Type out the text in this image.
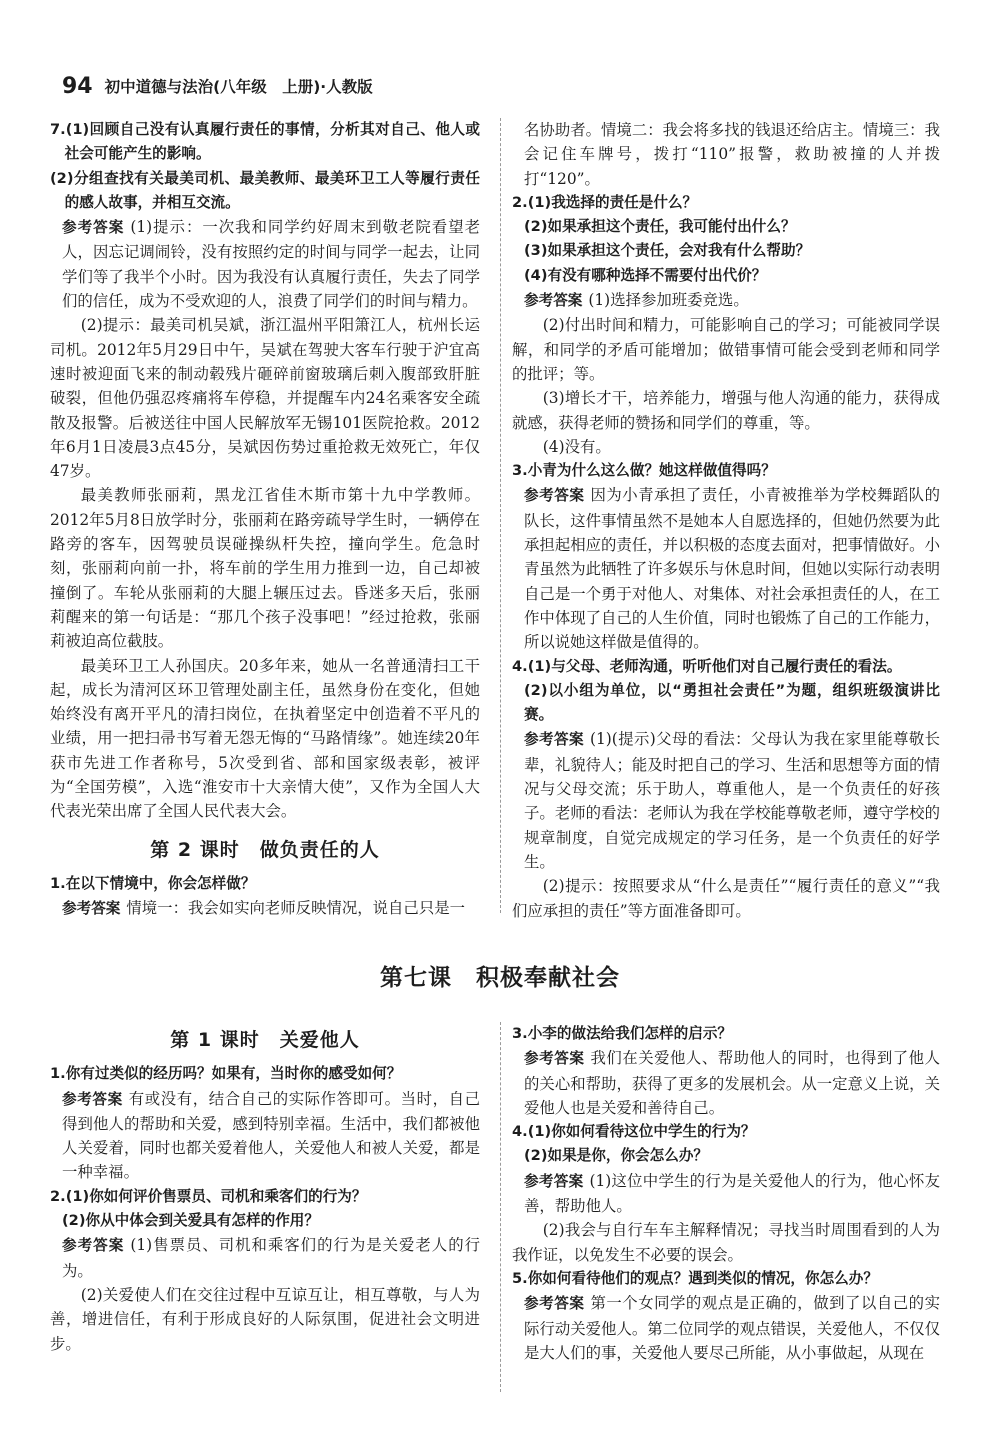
94 初中道德与法治(八年级　上册)·人教版

7.(1)回顾自己没有认真履行责任的事情，分析其对自己、他人或社会可能产生的影响。

(2)分组查找有关最美司机、最美教师、最美环卫工人等履行责任的感人故事，并相互交流。

参考答案 (1)提示：一次我和同学约好周末到敬老院看望老人，因忘记调闹铃，没有按照约定的时间与同学一起去，让同学们等了我半个小时。因为我没有认真履行责任，失去了同学们的信任，成为不受欢迎的人，浪费了同学们的时间与精力。

(2)提示：最美司机吴斌，浙江温州平阳箫江人，杭州长运司机。2012年5月29日中午，吴斌在驾驶大客车行驶于沪宜高速时被迎面飞来的制动毂残片砸碎前窗玻璃后刺入腹部致肝脏破裂，但他仍强忍疼痛将车停稳，并提醒车内24名乘客安全疏散及报警。后被送往中国人民解放军无锡101医院抢救。2012年6月1日凌晨3点45分，吴斌因伤势过重抢救无效死亡，年仅47岁。

最美教师张丽莉，黑龙江省佳木斯市第十九中学教师。2012年5月8日放学时分，张丽莉在路旁疏导学生时，一辆停在路旁的客车，因驾驶员误碰操纵杆失控，撞向学生。危急时刻，张丽莉向前一扑，将车前的学生用力推到一边，自己却被撞倒了。车轮从张丽莉的大腿上辗压过去。昏迷多天后，张丽莉醒来的第一句话是：“那几个孩子没事吧！”经过抢救，张丽莉被迫高位截肢。

最美环卫工人孙国庆。20多年来，她从一名普通清扫工干起，成长为清河区环卫管理处副主任，虽然身份在变化，但她始终没有离开平凡的清扫岗位，在执着坚定中创造着不平凡的业绩，用一把扫帚书写着无怨无悔的“马路情缘”。她连续20年获市先进工作者称号，5次受到省、部和国家级表彰，被评为“全国劳模”，入选“淮安市十大亲情大使”，又作为全国人大代表光荣出席了全国人民代表大会。

第 2 课时　做负责任的人

1.在以下情境中，你会怎样做？

参考答案 情境一：我会如实向老师反映情况，说自己只是一

名协助者。情境二：我会将多找的钱退还给店主。情境三：我会记住车牌号，拨打“110”报警，救助被撞的人并拨打“120”。

2.(1)我选择的责任是什么？

(2)如果承担这个责任，我可能付出什么？

(3)如果承担这个责任，会对我有什么帮助？

(4)有没有哪种选择不需要付出代价？

参考答案 (1)选择参加班委竞选。

(2)付出时间和精力，可能影响自己的学习；可能被同学误解，和同学的矛盾可能增加；做错事情可能会受到老师和同学的批评；等。

(3)增长才干，培养能力，增强与他人沟通的能力，获得成就感，获得老师的赞扬和同学们的尊重，等。

(4)没有。

3.小青为什么这么做？她这样做值得吗？

参考答案 因为小青承担了责任，小青被推举为学校舞蹈队的队长，这件事情虽然不是她本人自愿选择的，但她仍然要为此承担起相应的责任，并以积极的态度去面对，把事情做好。小青虽然为此牺牲了许多娱乐与休息时间，但她以实际行动表明自己是一个勇于对他人、对集体、对社会承担责任的人，在工作中体现了自己的人生价值，同时也锻炼了自己的工作能力，所以说她这样做是值得的。

4.(1)与父母、老师沟通，听听他们对自己履行责任的看法。

(2)以小组为单位，以“勇担社会责任”为题，组织班级演讲比赛。

参考答案 (1)(提示)父母的看法：父母认为我在家里能尊敬长辈，礼貌待人；能及时把自己的学习、生活和思想等方面的情况与父母交流；乐于助人，尊重他人，是一个负责任的好孩子。老师的看法：老师认为我在学校能尊敬老师，遵守学校的规章制度，自觉完成规定的学习任务，是一个负责任的好学生。

(2)提示：按照要求从“什么是责任”“履行责任的意义”“我们应承担的责任”等方面准备即可。

第七课　积极奉献社会
第 1 课时　关爱他人

1.你有过类似的经历吗？如果有，当时你的感受如何？

参考答案 有或没有，结合自己的实际作答即可。当时，自己得到他人的帮助和关爱，感到特别幸福。生活中，我们都被他人关爱着，同时也都关爱着他人，关爱他人和被人关爱，都是一种幸福。

2.(1)你如何评价售票员、司机和乘客们的行为？

(2)你从中体会到关爱具有怎样的作用？

参考答案 (1)售票员、司机和乘客们的行为是关爱老人的行为。

(2)关爱使人们在交往过程中互谅互让，相互尊敬，与人为善，增进信任，有利于形成良好的人际氛围，促进社会文明进步。

3.小李的做法给我们怎样的启示？

参考答案 我们在关爱他人、帮助他人的同时，也得到了他人的关心和帮助，获得了更多的发展机会。从一定意义上说，关爱他人也是关爱和善待自己。

4.(1)你如何看待这位中学生的行为？

(2)如果是你，你会怎么办？

参考答案 (1)这位中学生的行为是关爱他人的行为，他心怀友善，帮助他人。

(2)我会与自行车车主解释情况；寻找当时周围看到的人为我作证，以免发生不必要的误会。

5.你如何看待他们的观点？遇到类似的情况，你怎么办？

参考答案 第一个女同学的观点是正确的，做到了以自己的实际行动关爱他人。第二位同学的观点错误，关爱他人，不仅仅是大人们的事，关爱他人要尽己所能，从小事做起，从现在
